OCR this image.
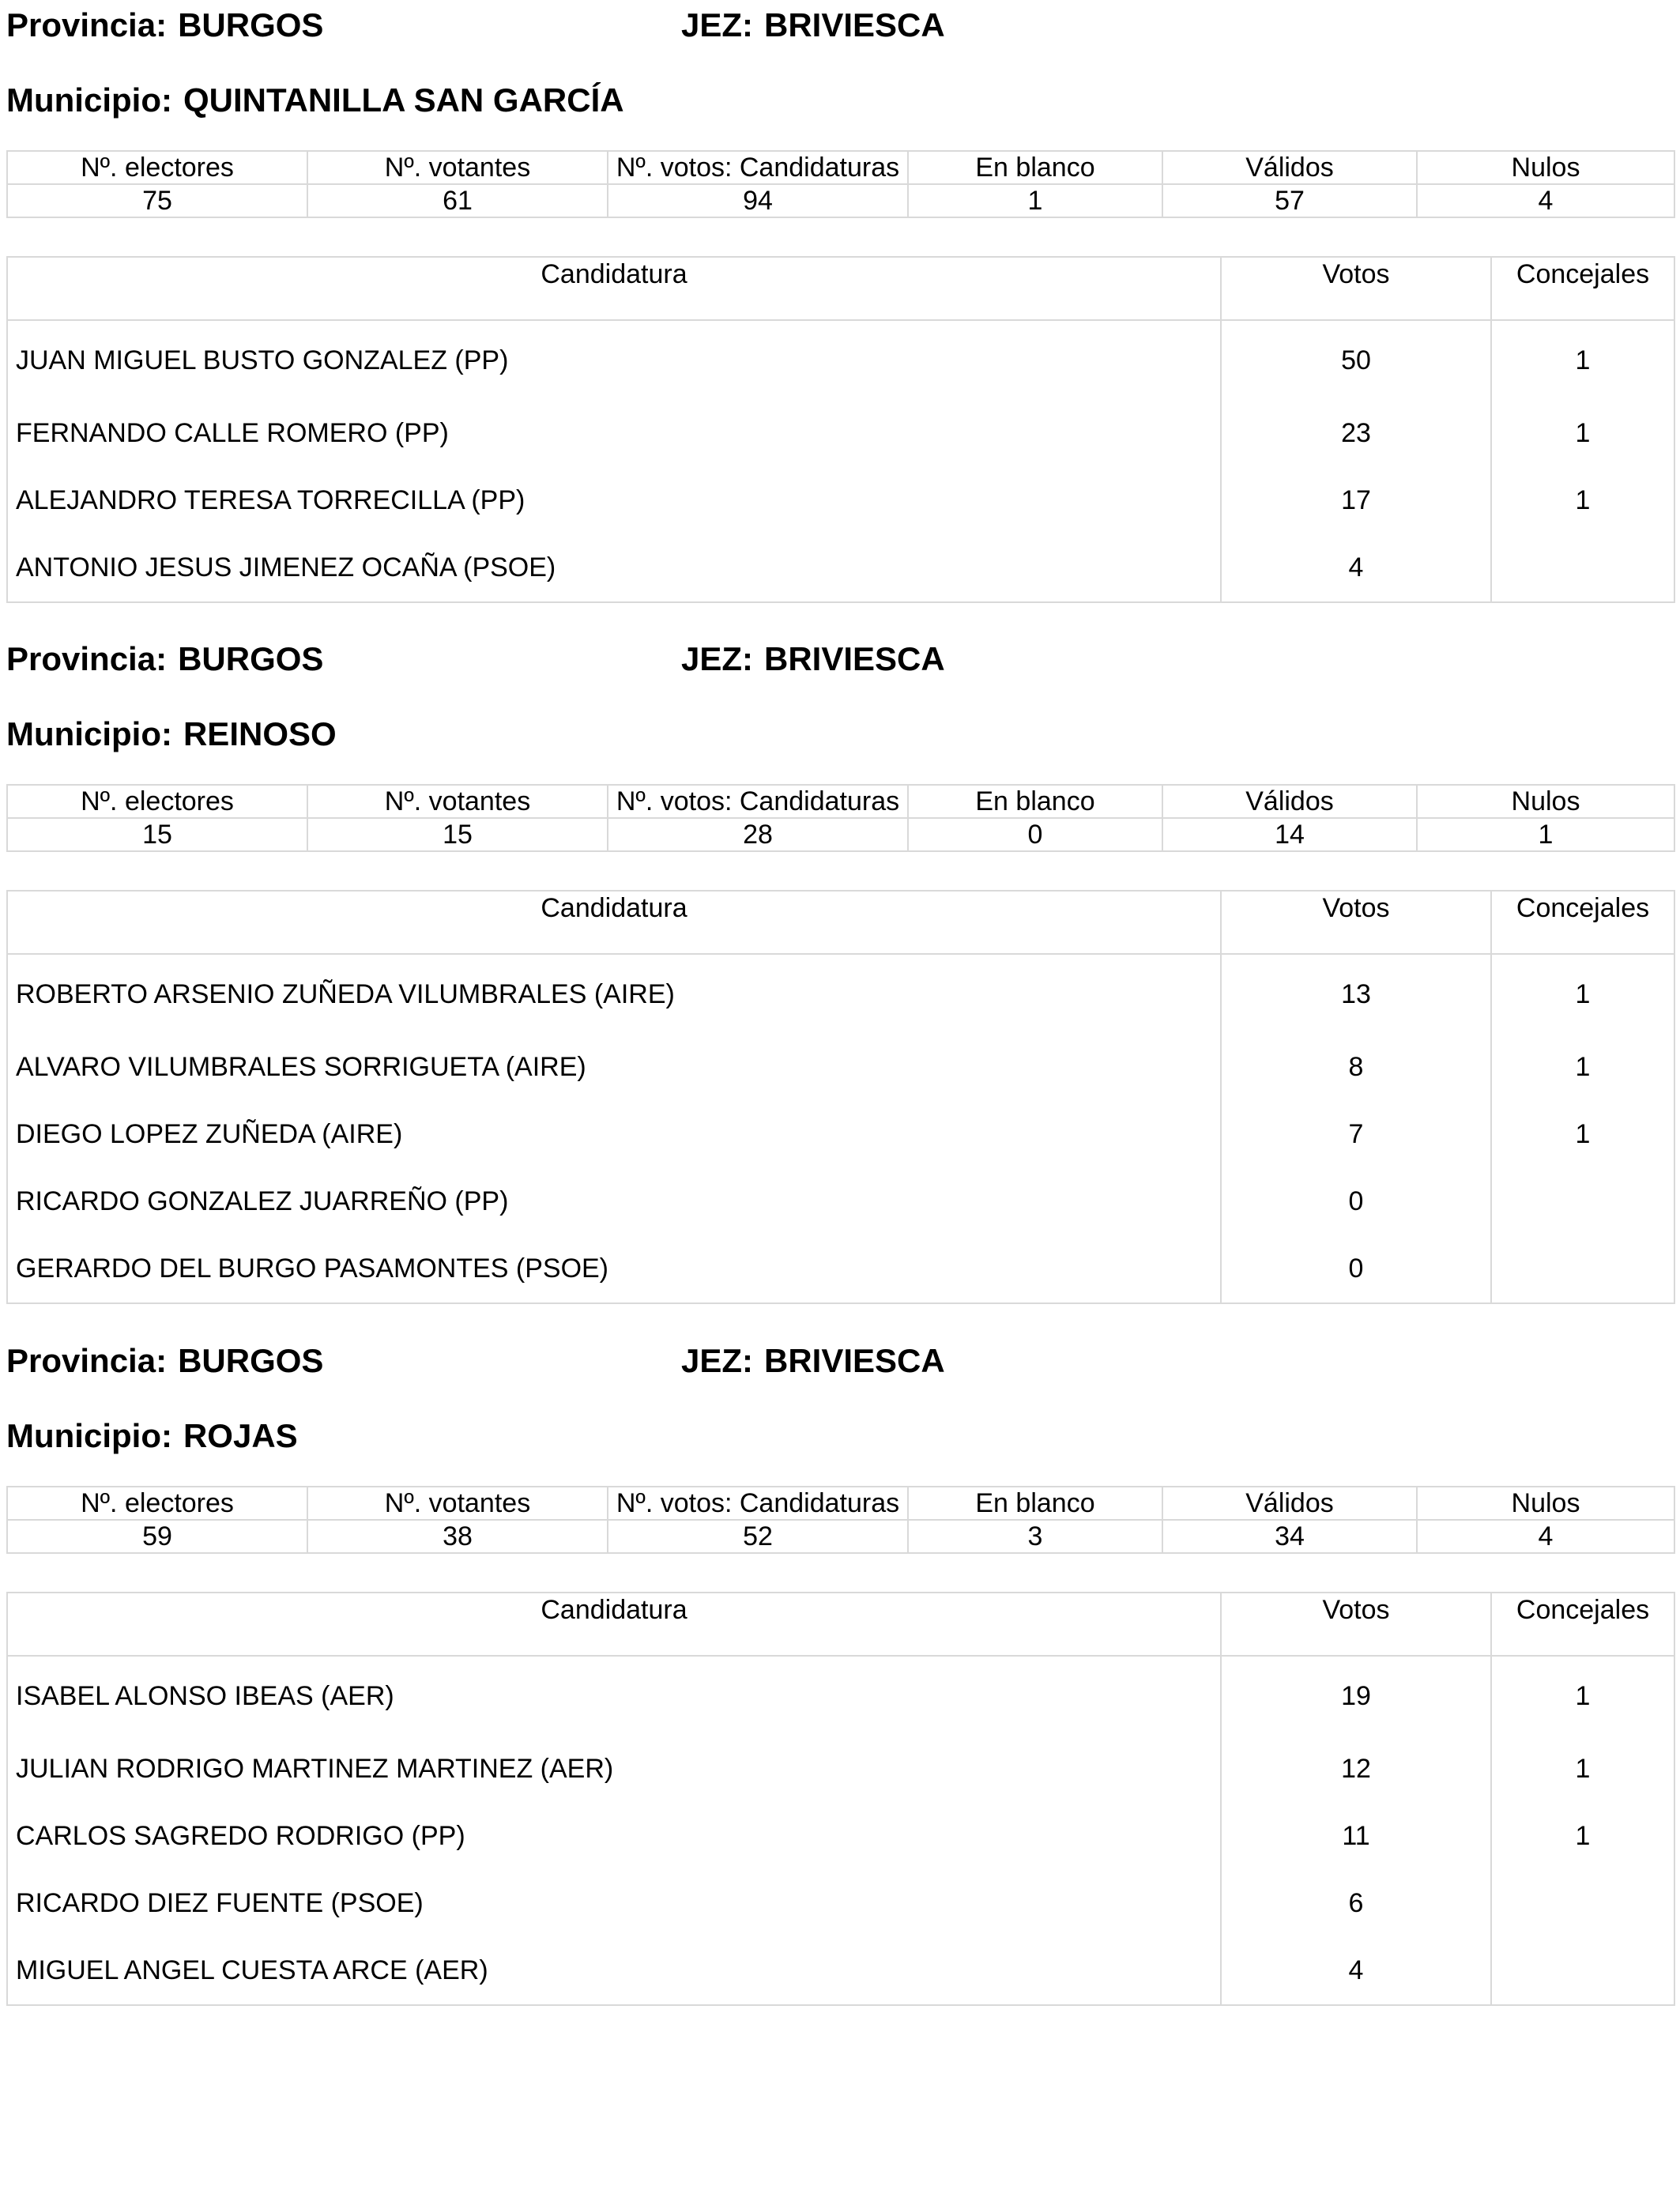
Provincia: BURGOS	JEZ: BRIVIESCA
Municipio: QUINTANILLA SAN GARCÍA
Nº. electores	Nº. votantes	Nº. votos: Candidaturas	En blanco	Válidos	Nulos
75	61	94	1	57	4
Candidatura	Votos	Concejales
JUAN MIGUEL BUSTO GONZALEZ (PP)	50	1
FERNANDO CALLE ROMERO (PP)	23	1
ALEJANDRO TERESA TORRECILLA (PP)	17	1
ANTONIO JESUS JIMENEZ OCAÑA (PSOE)	4	
Provincia: BURGOS	JEZ: BRIVIESCA
Municipio: REINOSO
Nº. electores	Nº. votantes	Nº. votos: Candidaturas	En blanco	Válidos	Nulos
15	15	28	0	14	1
Candidatura	Votos	Concejales
ROBERTO ARSENIO ZUÑEDA VILUMBRALES (AIRE)	13	1
ALVARO VILUMBRALES SORRIGUETA (AIRE)	8	1
DIEGO LOPEZ ZUÑEDA (AIRE)	7	1
RICARDO GONZALEZ JUARREÑO (PP)	0	
GERARDO DEL BURGO PASAMONTES (PSOE)	0	
Provincia: BURGOS	JEZ: BRIVIESCA
Municipio: ROJAS
Nº. electores	Nº. votantes	Nº. votos: Candidaturas	En blanco	Válidos	Nulos
59	38	52	3	34	4
Candidatura	Votos	Concejales
ISABEL ALONSO IBEAS (AER)	19	1
JULIAN RODRIGO MARTINEZ MARTINEZ (AER)	12	1
CARLOS SAGREDO RODRIGO (PP)	11	1
RICARDO DIEZ FUENTE (PSOE)	6	
MIGUEL ANGEL CUESTA ARCE (AER)	4	
